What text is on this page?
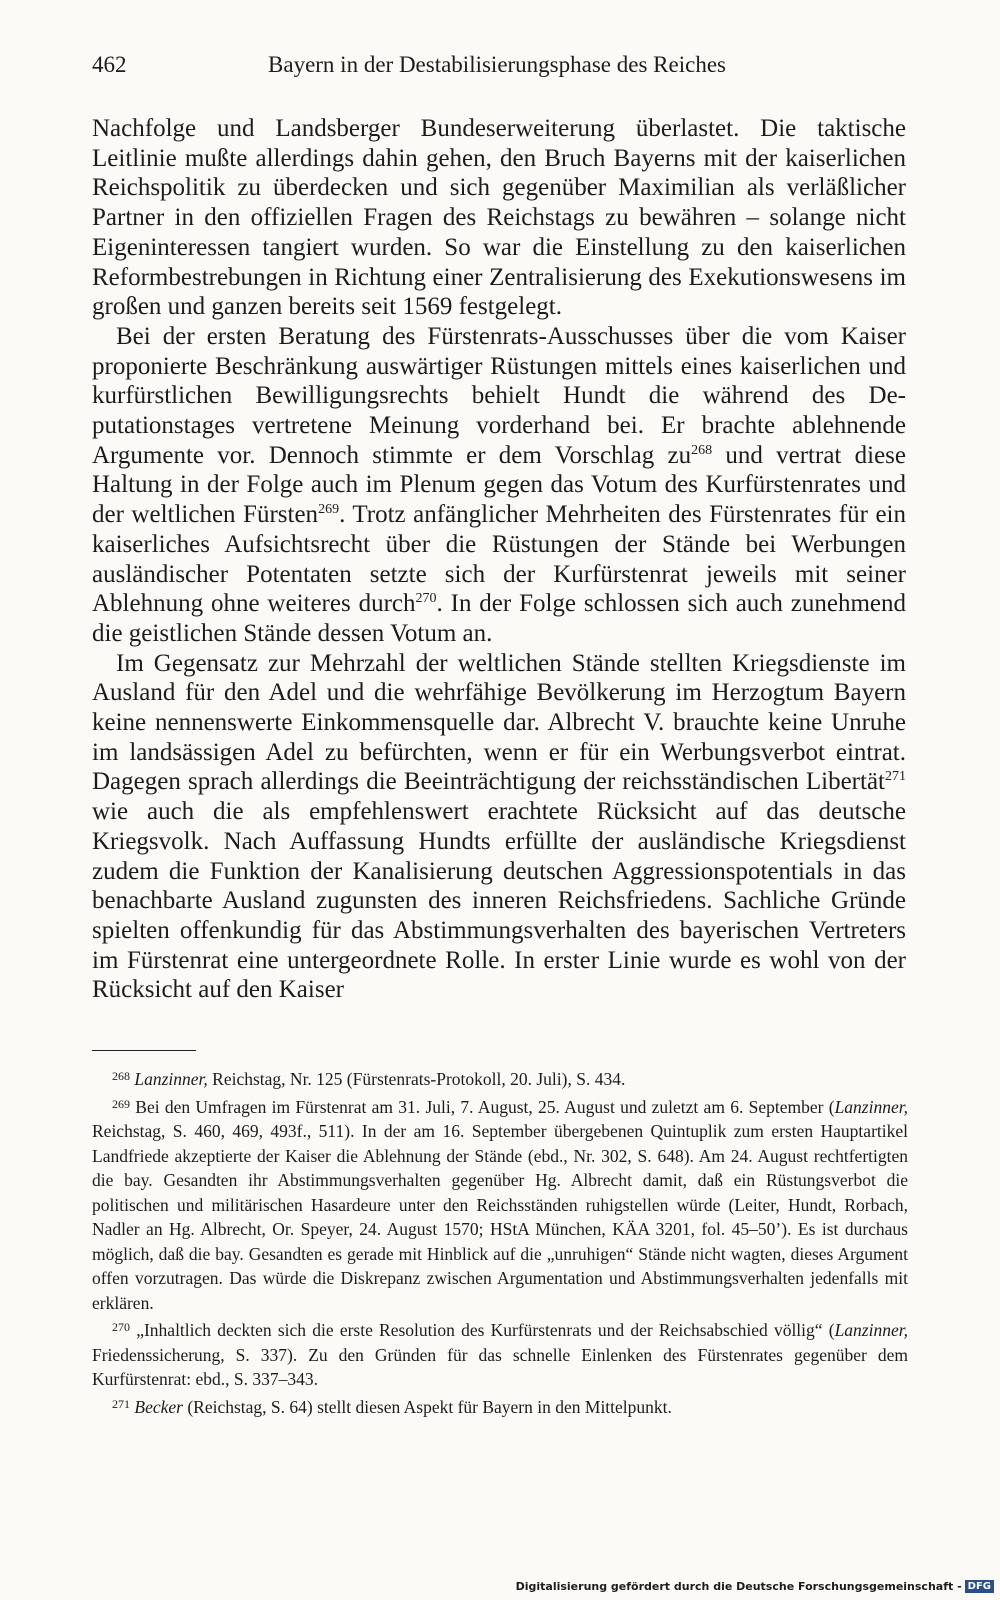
462	Bayern in der Destabilisierungsphase des Reiches

Nachfolge und Landsberger Bundeserweiterung überlastet. Die taktische Leitlinie mußte allerdings dahin gehen, den Bruch Bayerns mit der kaiserlichen Reichspolitik zu überdecken und sich gegenüber Maximilian als verläßlicher Partner in den offiziellen Fragen des Reichstags zu bewähren – solange nicht Eigeninteressen tangiert wurden. So war die Einstellung zu den kaiserlichen Reformbestrebungen in Richtung einer Zentralisierung des Exekutionswesens im großen und ganzen bereits seit 1569 festgelegt.

Bei der ersten Beratung des Fürstenrats-Ausschusses über die vom Kaiser proponierte Beschränkung auswärtiger Rüstungen mittels eines kaiserlichen und kurfürstlichen Bewilligungsrechts behielt Hundt die während des Deputationstages vertretene Meinung vorderhand bei. Er brachte ablehnende Argumente vor. Dennoch stimmte er dem Vorschlag $zu^{268}$ und vertrat diese Haltung in der Folge auch im Plenum gegen das Votum des Kurfürstenrates und der weltlichen Fürsten$^{269}$. Trotz anfänglicher Mehrheiten des Fürstenrates für ein kaiserliches Aufsichtsrecht über die Rüstungen der Stände bei Werbungen ausländischer Potentaten setzte sich der Kurfürstenrat jeweils mit seiner Ablehnung ohne weiteres durch$^{270}$. In der Folge schlossen sich auch zunehmend die geistlichen Stände dessen Votum an.

Im Gegensatz zur Mehrzahl der weltlichen Stände stellten Kriegsdienste im Ausland für den Adel und die wehrfähige Bevölkerung im Herzogtum Bayern keine nennenswerte Einkommensquelle dar. Albrecht V. brauchte keine Unruhe im landsässigen Adel zu befürchten, wenn er für ein Werbungsverbot eintrat. Dagegen sprach allerdings die Beeinträchtigung der reichsständischen Libertät$^{271}$ wie auch die als empfehlenswert erachtete Rücksicht auf das deutsche Kriegsvolk. Nach Auffassung Hundts erfüllte der ausländische Kriegsdienst zudem die Funktion der Kanalisierung deutschen Aggressionspotentials in das benachbarte Ausland zugunsten des inneren Reichsfriedens. Sachliche Gründe spielten offenkundig für das Abstimmungsverhalten des bayerischen Vertreters im Fürstenrat eine untergeordnete Rolle. In erster Linie wurde es wohl von der Rücksicht auf den Kaiser

$^{268}$ Lanzinner, Reichstag, Nr. 125 (Fürstenrats-Protokoll, 20. Juli), S. 434.

$^{269}$ Bei den Umfragen im Fürstenrat am 31. Juli, 7. August, 25. August und zuletzt am 6. September (Lanzinner, Reichstag, S. 460, 469, 493f., 511). In der am 16. September übergebenen Quintuplik zum ersten Hauptartikel Landfriede akzeptierte der Kaiser die Ablehnung der Stände (ebd., Nr. 302, S. 648). Am 24. August rechtfertigten die bay. Gesandten ihr Abstimmungsverhalten gegenüber Hg. Albrecht damit, daß ein Rüstungsverbot die politischen und militärischen Hasardeure unter den Reichsständen ruhigstellen würde (Leiter, Hundt, Rorbach, Nadler an Hg. Albrecht, Or. Speyer, 24. August 1570; HStA München, KÄA 3201, fol. 45–50’). Es ist durchaus möglich, daß die bay. Gesandten es gerade mit Hinblick auf die „unruhigen“ Stände nicht wagten, dieses Argument offen vorzutragen. Das würde die Diskrepanz zwischen Argumentation und Abstimmungsverhalten jedenfalls mit erklären.

$^{270}$ „Inhaltlich deckten sich die erste Resolution des Kurfürstenrats und der Reichsabschied völlig“ (Lanzinner, Friedenssicherung, S. 337). Zu den Gründen für das schnelle Einlenken des Fürstenrates gegenüber dem Kurfürstenrat: ebd., S. 337–343.

$^{271}$ Becker (Reichstag, S. 64) stellt diesen Aspekt für Bayern in den Mittelpunkt.

Digitalisierung gefördert durch die Deutsche Forschungsgemeinschaft - DFG
